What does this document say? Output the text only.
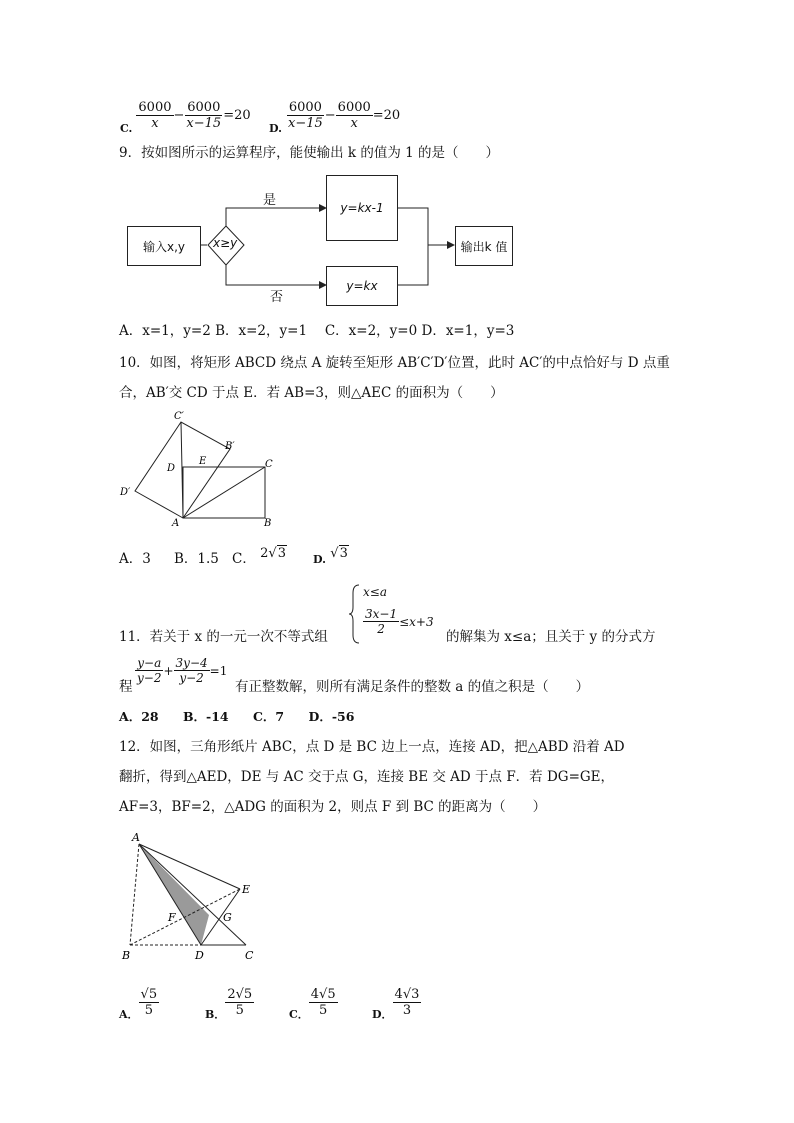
C. $\frac{6000}{x} - \frac{6000}{x-15} =20$
D. $\frac{6000}{x-15} - \frac{6000}{x} =20$
9．按如图所示的运算程序，能使输出 k 的值为 1 的是（　　）
输入x,y	x≥y
是
否
y=kx-1
y=kx
输出k 值
A．x=1，y=2 B．x=2，y=1　 C．x=2，y=0 D．x=1，y=3
10．如图，将矩形 ABCD 绕点 A 旋转至矩形 AB′C′D′位置，此时 AC′的中点恰好与 D 点重
合，AB′交 CD 于点 E．若 AB=3，则△AEC 的面积为（　　）
C′
B′
D
E	C
D′
A	B
A．3 B．1.5 C． 2√3 D. √3
x≤a
$\frac{3x-1}{2} \le x+3$
11．若关于 x 的一元一次不等式组	的解集为 x≤a；且关于 y 的分式方
$\frac{y-a}{y-2} + \frac{3y-4}{y-2} =1$
程	有正整数解，则所有满足条件的整数 a 的值之积是（　　）
A．28 B．-14 C．7 D．-56
12．如图，三角形纸片 ABC，点 D 是 BC 边上一点，连接 AD，把△ABD 沿着 AD
翻折，得到△AED，DE 与 AC 交于点 G，连接 BE 交 AD 于点 F．若 DG=GE，
AF=3，BF=2，△ADG 的面积为 2，则点 F 到 BC 的距离为（　　）
A
E
F	G
B	D	C
A． $\frac{√5}{5}$	B． $\frac{2√5}{5}$	C． $\frac{4√5}{5}$	D． $\frac{4√3}{3}$
